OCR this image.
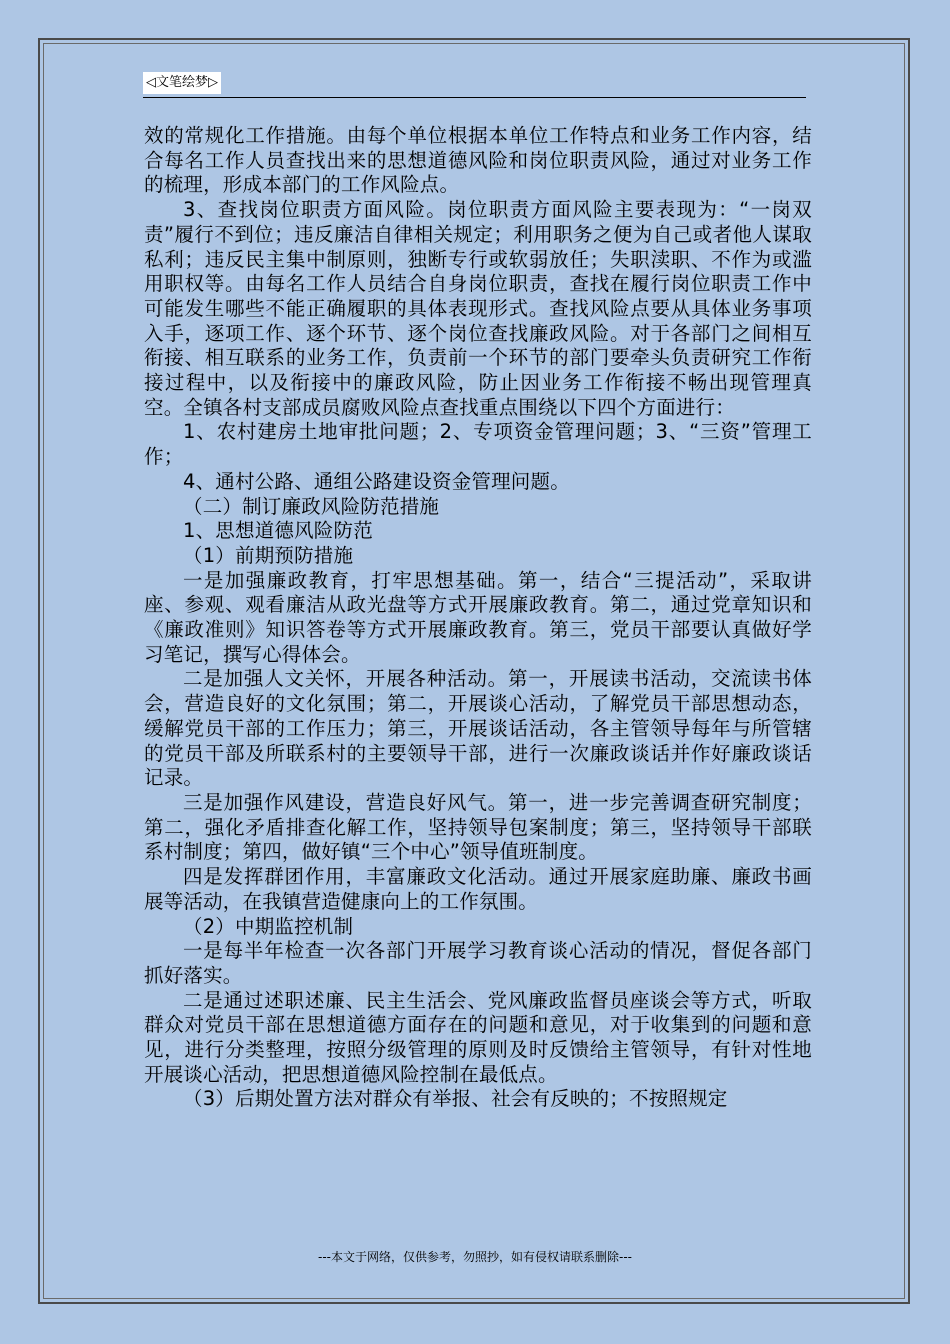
◁文笔绘梦▷

效的常规化工作措施。由每个单位根据本单位工作特点和业务工作内容，结合每名工作人员查找出来的思想道德风险和岗位职责风险，通过对业务工作的梳理，形成本部门的工作风险点。

3、查找岗位职责方面风险。岗位职责方面风险主要表现为：“一岗双责”履行不到位；违反廉洁自律相关规定；利用职务之便为自己或者他人谋取私利；违反民主集中制原则，独断专行或软弱放任；失职渎职、不作为或滥用职权等。由每名工作人员结合自身岗位职责，查找在履行岗位职责工作中可能发生哪些不能正确履职的具体表现形式。查找风险点要从具体业务事项入手，逐项工作、逐个环节、逐个岗位查找廉政风险。对于各部门之间相互衔接、相互联系的业务工作，负责前一个环节的部门要牵头负责研究工作衔接过程中，以及衔接中的廉政风险，防止因业务工作衔接不畅出现管理真空。全镇各村支部成员腐败风险点查找重点围绕以下四个方面进行：

1、农村建房土地审批问题；2、专项资金管理问题；3、“三资”管理工作；

4、通村公路、通组公路建设资金管理问题。

（二）制订廉政风险防范措施

1、思想道德风险防范

（1）前期预防措施

一是加强廉政教育，打牢思想基础。第一，结合“三提活动”，采取讲座、参观、观看廉洁从政光盘等方式开展廉政教育。第二，通过党章知识和《廉政准则》知识答卷等方式开展廉政教育。第三，党员干部要认真做好学习笔记，撰写心得体会。

二是加强人文关怀，开展各种活动。第一，开展读书活动，交流读书体会，营造良好的文化氛围；第二，开展谈心活动，了解党员干部思想动态，缓解党员干部的工作压力；第三，开展谈话活动，各主管领导每年与所管辖的党员干部及所联系村的主要领导干部，进行一次廉政谈话并作好廉政谈话记录。

三是加强作风建设，营造良好风气。第一，进一步完善调查研究制度；第二，强化矛盾排查化解工作，坚持领导包案制度；第三，坚持领导干部联系村制度；第四，做好镇“三个中心”领导值班制度。

四是发挥群团作用，丰富廉政文化活动。通过开展家庭助廉、廉政书画展等活动，在我镇营造健康向上的工作氛围。

（2）中期监控机制

一是每半年检查一次各部门开展学习教育谈心活动的情况，督促各部门抓好落实。

二是通过述职述廉、民主生活会、党风廉政监督员座谈会等方式，听取群众对党员干部在思想道德方面存在的问题和意见，对于收集到的问题和意见，进行分类整理，按照分级管理的原则及时反馈给主管领导，有针对性地开展谈心活动，把思想道德风险控制在最低点。

（3）后期处置方法对群众有举报、社会有反映的；不按照规定

---本文于网络，仅供参考，勿照抄，如有侵权请联系删除---
